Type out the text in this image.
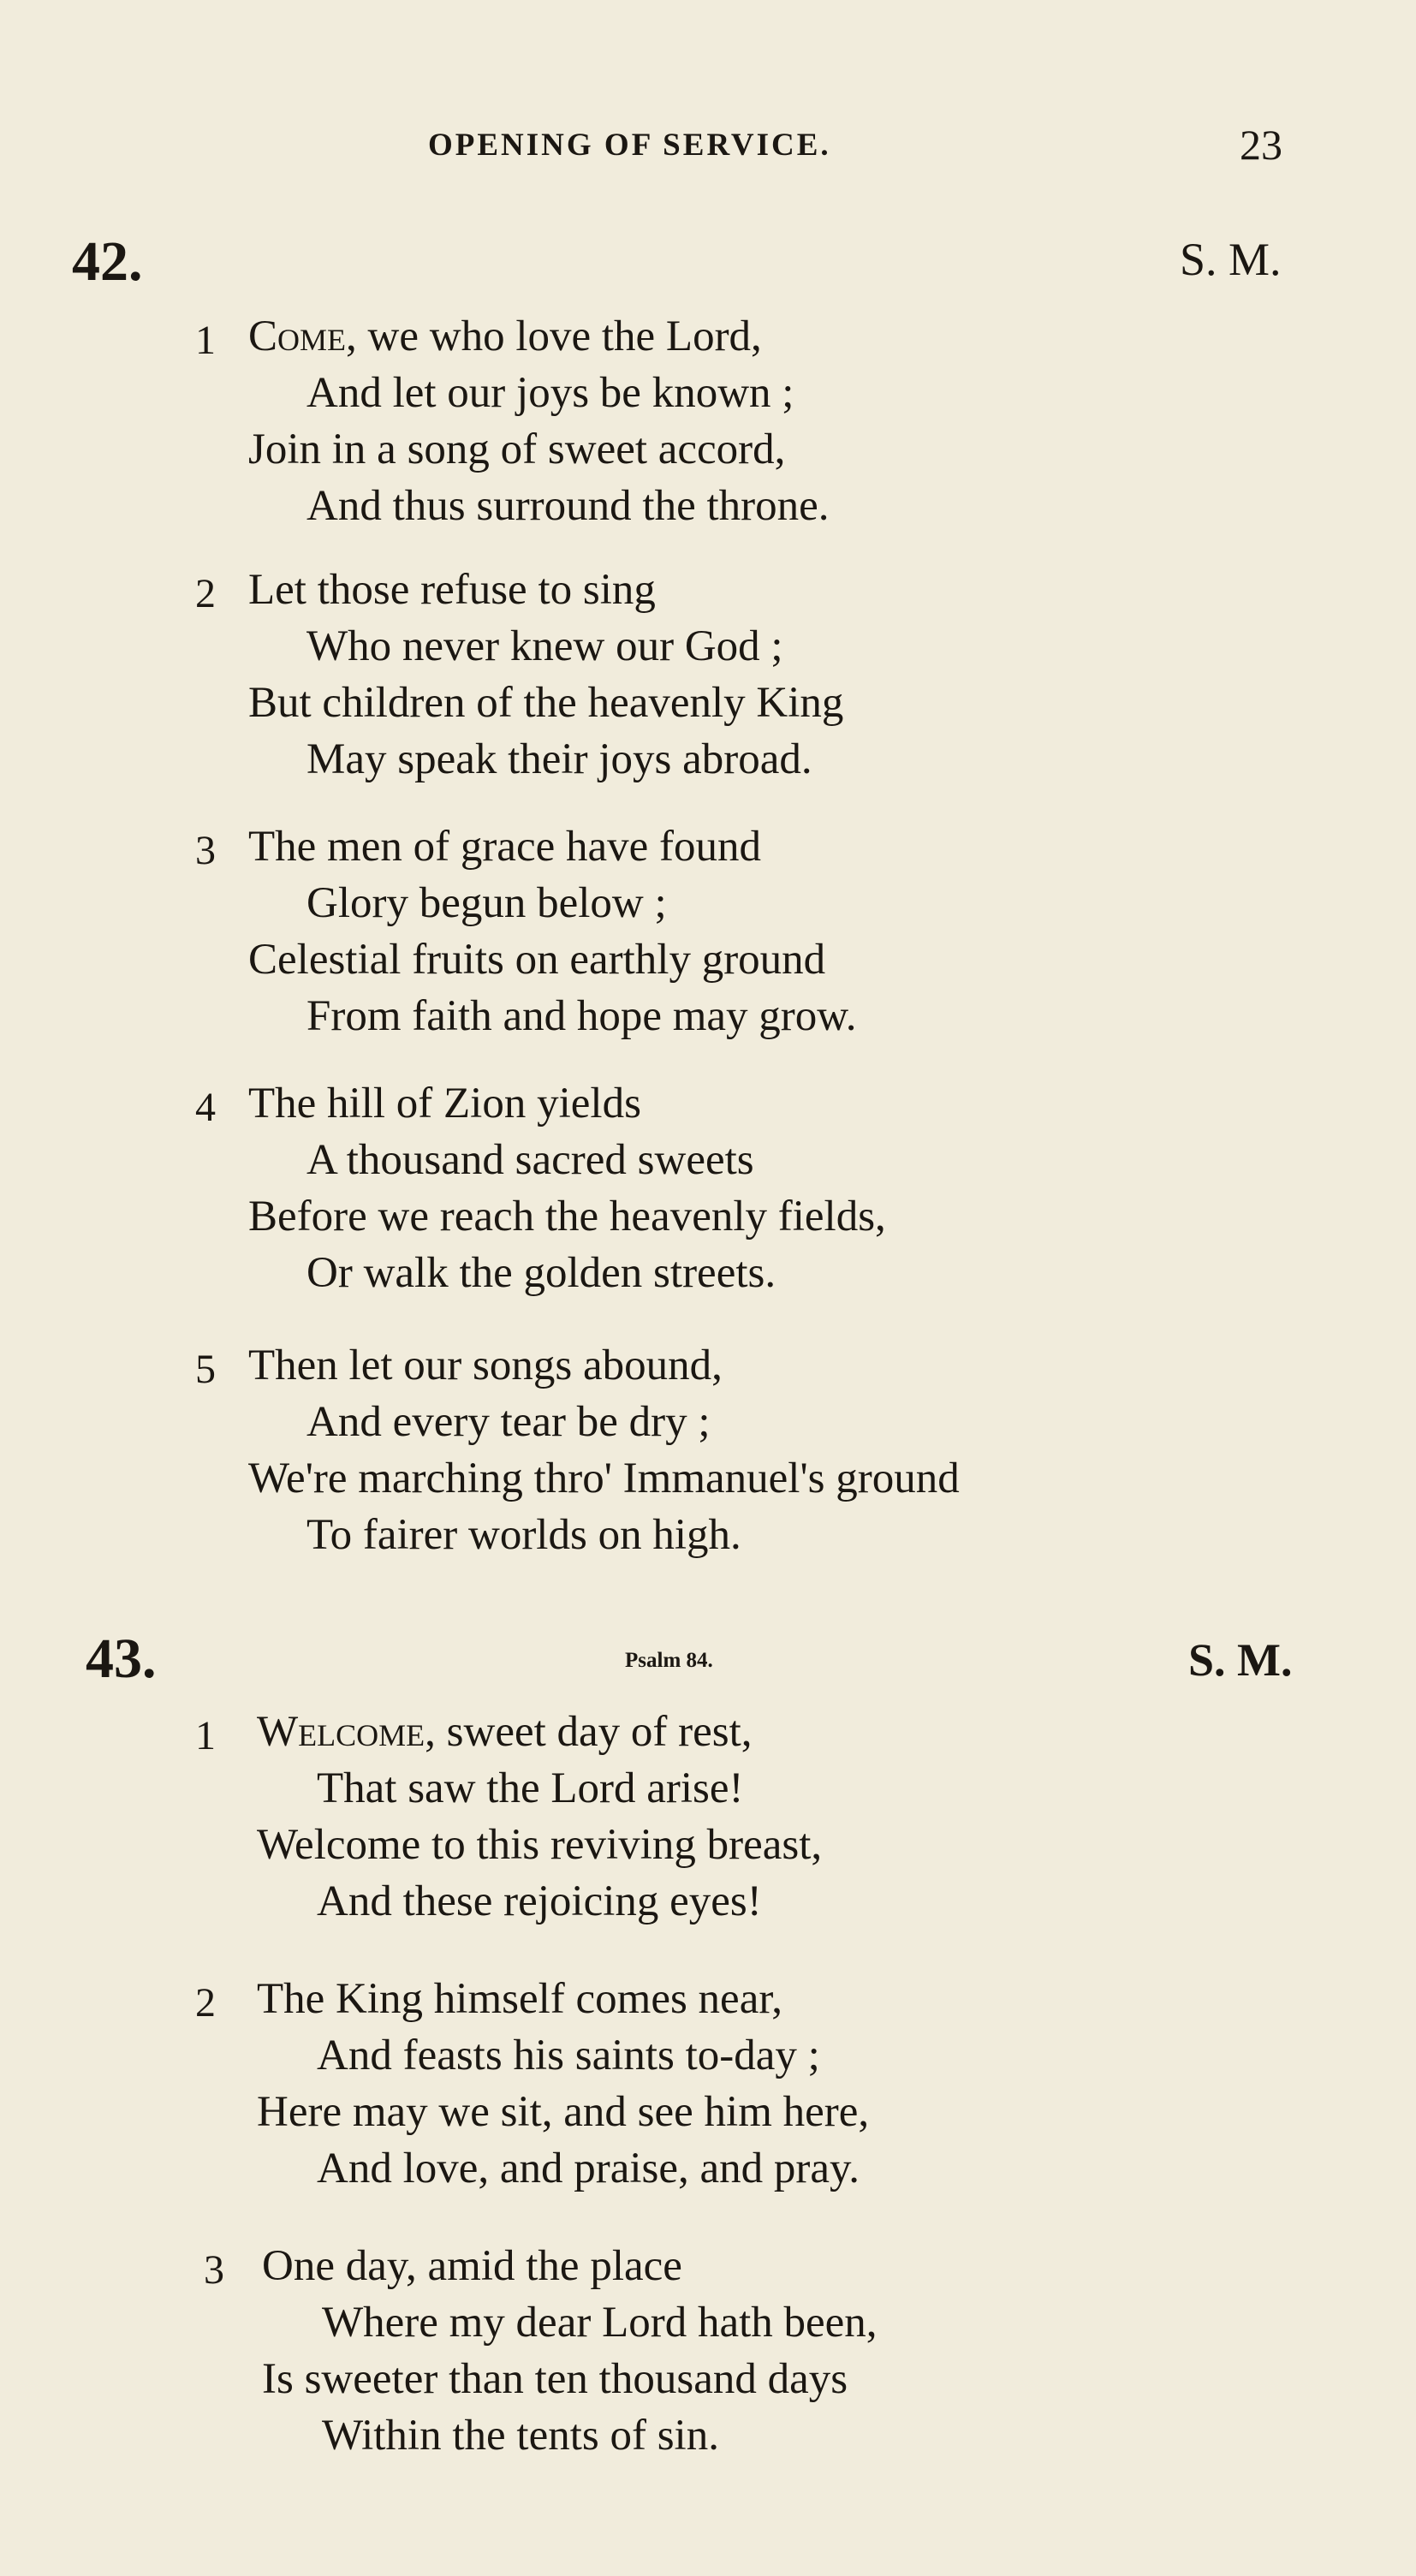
OPENING OF SERVICE.	23
42.	S. M.
1 Come, we who love the Lord,
And let our joys be known ;
Join in a song of sweet accord,
And thus surround the throne.
2 Let those refuse to sing
Who never knew our God ;
But children of the heavenly King
May speak their joys abroad.
3 The men of grace have found
Glory begun below ;
Celestial fruits on earthly ground
From faith and hope may grow.
4 The hill of Zion yields
A thousand sacred sweets
Before we reach the heavenly fields,
Or walk the golden streets.
5 Then let our songs abound,
And every tear be dry ;
We're marching thro' Immanuel's ground
To fairer worlds on high.
43.	Psalm 84.	S. M.
1 Welcome, sweet day of rest,
That saw the Lord arise!
Welcome to this reviving breast,
And these rejoicing eyes!
2 The King himself comes near,
And feasts his saints to-day ;
Here may we sit, and see him here,
And love, and praise, and pray.
3 One day, amid the place
Where my dear Lord hath been,
Is sweeter than ten thousand days
Within the tents of sin.
